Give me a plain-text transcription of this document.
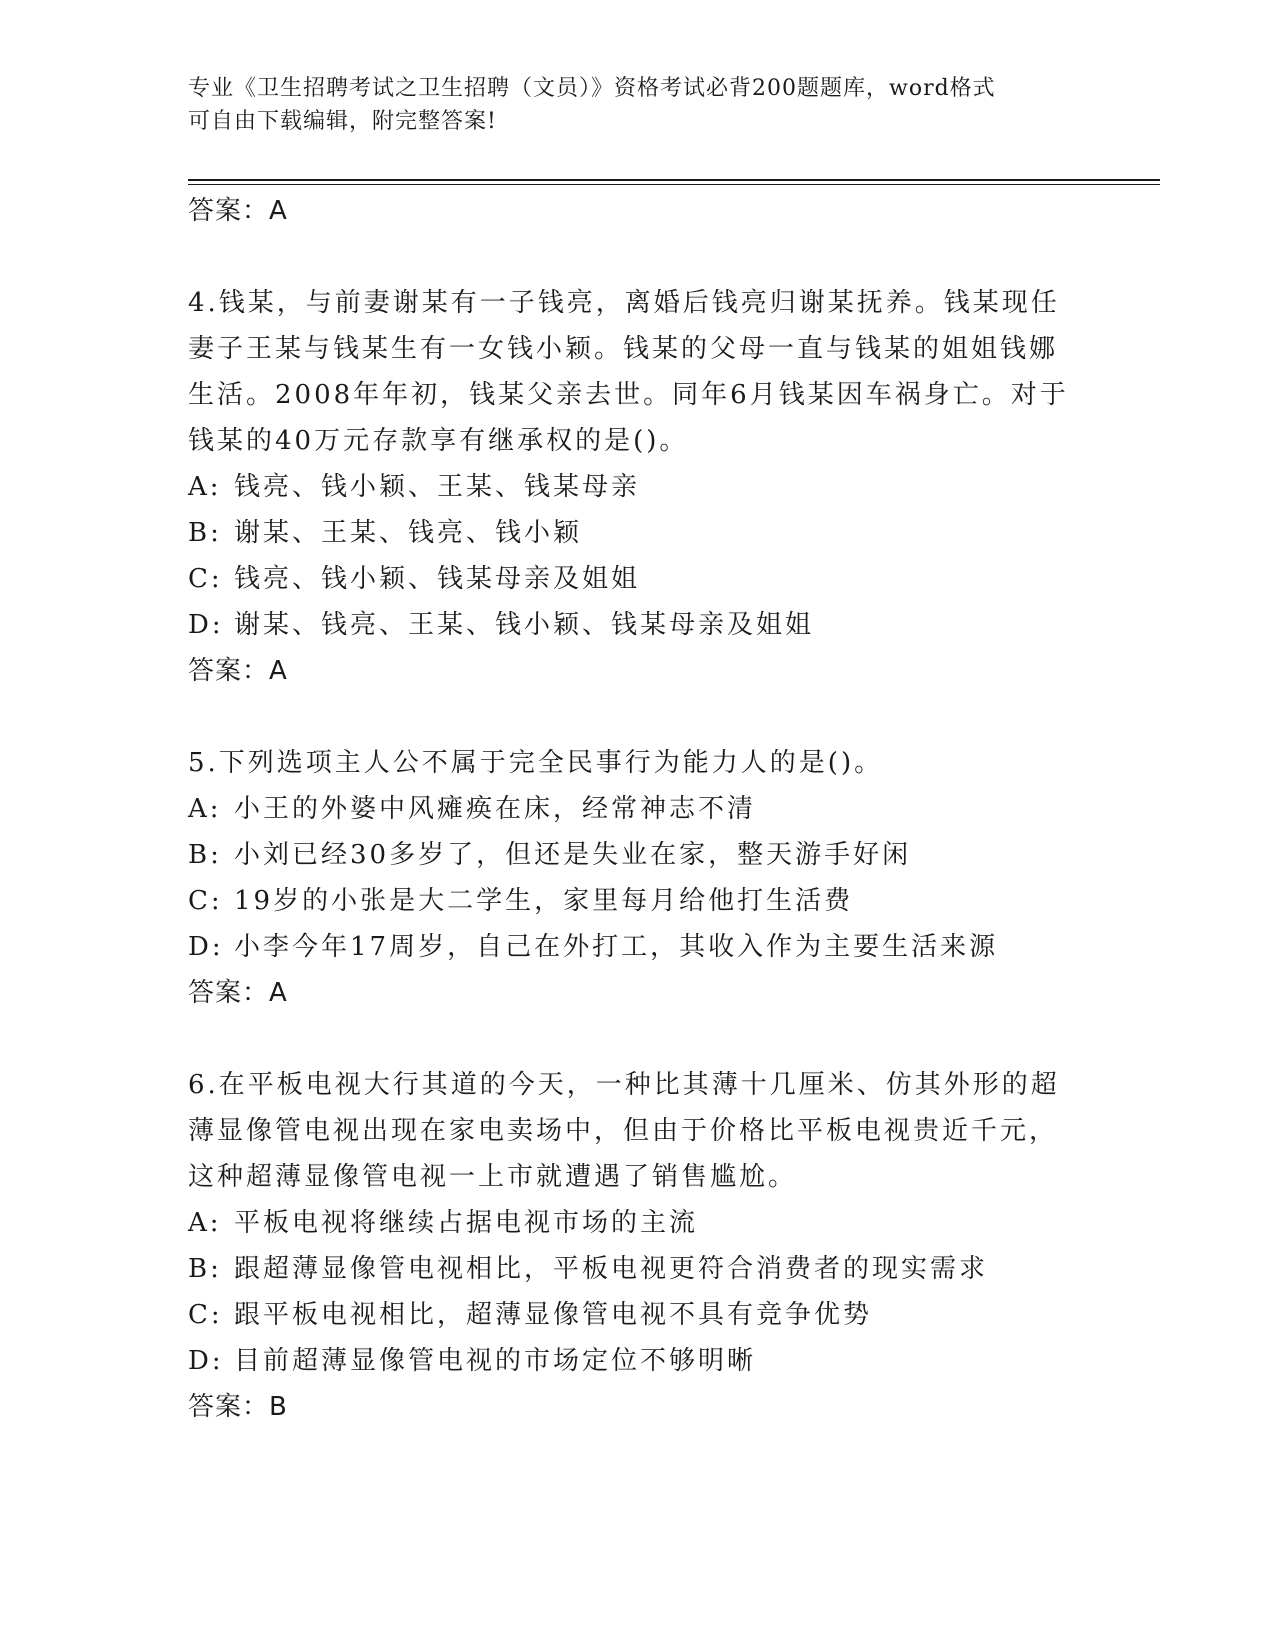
专业《卫生招聘考试之卫生招聘（文员）》资格考试必背200题题库，word格式
可自由下载编辑，附完整答案!
答案：A
4.钱某，与前妻谢某有一子钱亮，离婚后钱亮归谢某抚养。钱某现任
妻子王某与钱某生有一女钱小颖。钱某的父母一直与钱某的姐姐钱娜
生活。2008年年初，钱某父亲去世。同年6月钱某因车祸身亡。对于
钱某的40万元存款享有继承权的是()。
A: 钱亮、钱小颖、王某、钱某母亲
B: 谢某、王某、钱亮、钱小颖
C: 钱亮、钱小颖、钱某母亲及姐姐
D: 谢某、钱亮、王某、钱小颖、钱某母亲及姐姐
答案：A
5.下列选项主人公不属于完全民事行为能力人的是()。
A: 小王的外婆中风瘫痪在床，经常神志不清
B: 小刘已经30多岁了，但还是失业在家，整天游手好闲
C: 19岁的小张是大二学生，家里每月给他打生活费
D: 小李今年17周岁，自己在外打工，其收入作为主要生活来源
答案：A
6.在平板电视大行其道的今天，一种比其薄十几厘米、仿其外形的超
薄显像管电视出现在家电卖场中，但由于价格比平板电视贵近千元，
这种超薄显像管电视一上市就遭遇了销售尴尬。
A: 平板电视将继续占据电视市场的主流
B: 跟超薄显像管电视相比，平板电视更符合消费者的现实需求
C: 跟平板电视相比，超薄显像管电视不具有竞争优势
D: 目前超薄显像管电视的市场定位不够明晰
答案：B
